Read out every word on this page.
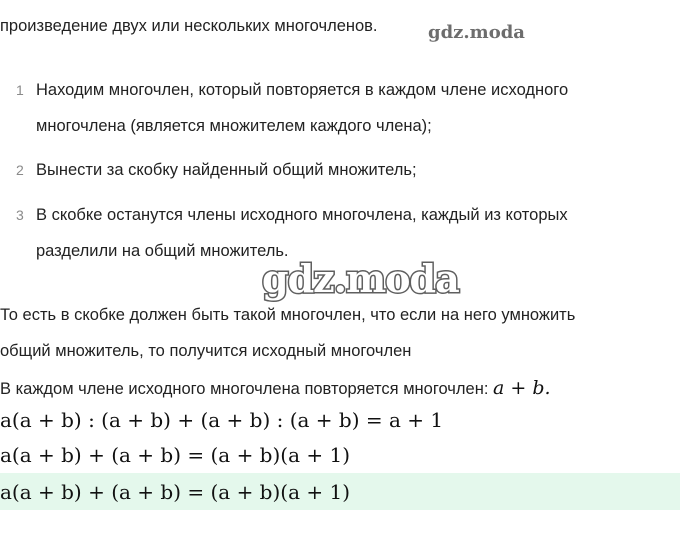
произведение двух или нескольких многочленов.	gdz.moda
1 Находим многочлен, который повторяется в каждом члене исходного
многочлена (является множителем каждого члена);
2 Вынести за скобку найденный общий множитель;
3 В скобке останутся члены исходного многочлена, каждый из которых
разделили на общий множитель.
gdz.moda
То есть в скобке должен быть такой многочлен, что если на него умножить
общий множитель, то получится исходный многочлен
В каждом члене исходного многочлена повторяется многочлен: a + b.
a(a + b) : (a + b) + (a + b) : (a + b) = a + 1
a(a + b) + (a + b) = (a + b)(a + 1)
a(a + b) + (a + b) = (a + b)(a + 1)
